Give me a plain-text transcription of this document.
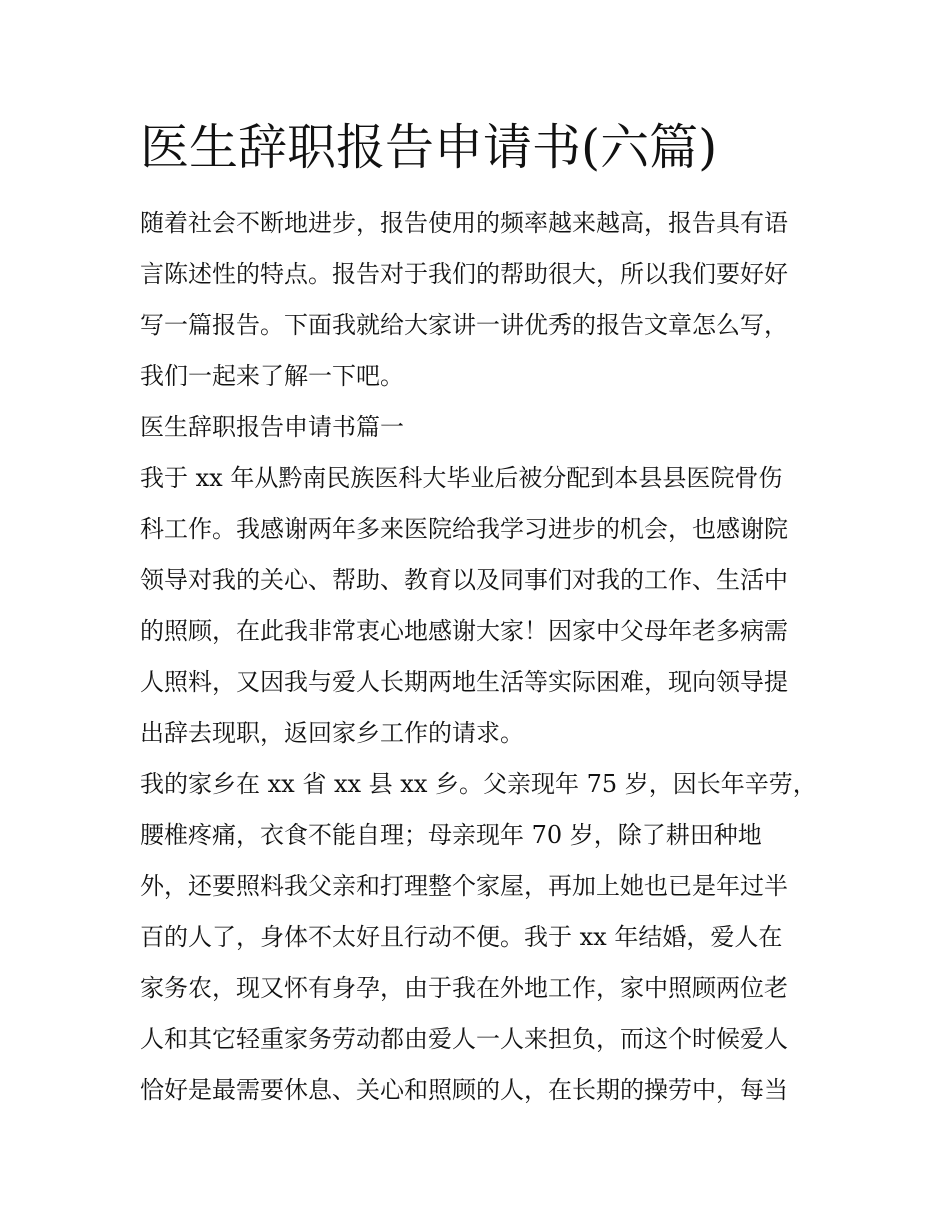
医生辞职报告申请书(六篇)

随着社会不断地进步，报告使用的频率越来越高，报告具有语

言陈述性的特点。报告对于我们的帮助很大，所以我们要好好

写一篇报告。下面我就给大家讲一讲优秀的报告文章怎么写，

我们一起来了解一下吧。

医生辞职报告申请书篇一

我于 xx 年从黔南民族医科大毕业后被分配到本县县医院骨伤

科工作。我感谢两年多来医院给我学习进步的机会，也感谢院

领导对我的关心、帮助、教育以及同事们对我的工作、生活中

的照顾，在此我非常衷心地感谢大家！因家中父母年老多病需

人照料，又因我与爱人长期两地生活等实际困难，现向领导提

出辞去现职，返回家乡工作的请求。

我的家乡在 xx 省 xx 县 xx 乡。父亲现年 75 岁，因长年辛劳，

腰椎疼痛，衣食不能自理；母亲现年 70 岁，除了耕田种地

外，还要照料我父亲和打理整个家屋，再加上她也已是年过半

百的人了，身体不太好且行动不便。我于 xx 年结婚，爱人在

家务农，现又怀有身孕，由于我在外地工作，家中照顾两位老

人和其它轻重家务劳动都由爱人一人来担负，而这个时候爱人

恰好是最需要休息、关心和照顾的人，在长期的操劳中，每当
